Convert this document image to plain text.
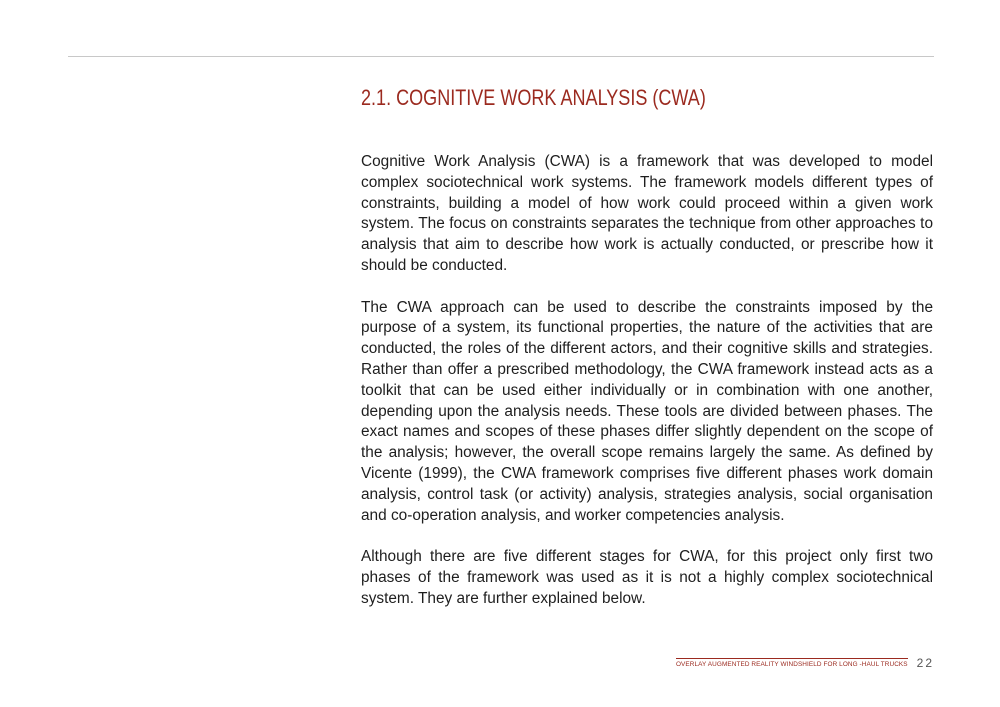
2.1. COGNITIVE WORK ANALYSIS (CWA)

Cognitive Work Analysis (CWA) is a framework that was developed to model complex sociotechnical work systems. The framework models different types of constraints, building a model of how work could proceed within a given work system. The focus on constraints separates the technique from other approaches to analysis that aim to describe how work is actually conducted, or prescribe how it should be conducted.

The CWA approach can be used to describe the constraints imposed by the purpose of a system, its functional properties, the nature of the activities that are conducted, the roles of the different actors, and their cognitive skills and strategies. Rather than offer a prescribed methodology, the CWA framework instead acts as a toolkit that can be used either individually or in combination with one another, depending upon the analysis needs. These tools are divided between phases. The exact names and scopes of these phases differ slightly dependent on the scope of the analysis; however, the overall scope remains largely the same. As defined by Vicente (1999), the CWA framework comprises five different phases work domain analysis, control task (or activity) analysis, strategies analysis, social organisation and co-operation analysis, and worker competencies analysis.

Although there are five different stages for CWA, for this project only first two phases of the framework was used as it is not a highly complex sociotechnical system. They are further explained below.

OVERLAY AUGMENTED REALITY WINDSHIELD FOR LONG -HAUL TRUCKS 22
